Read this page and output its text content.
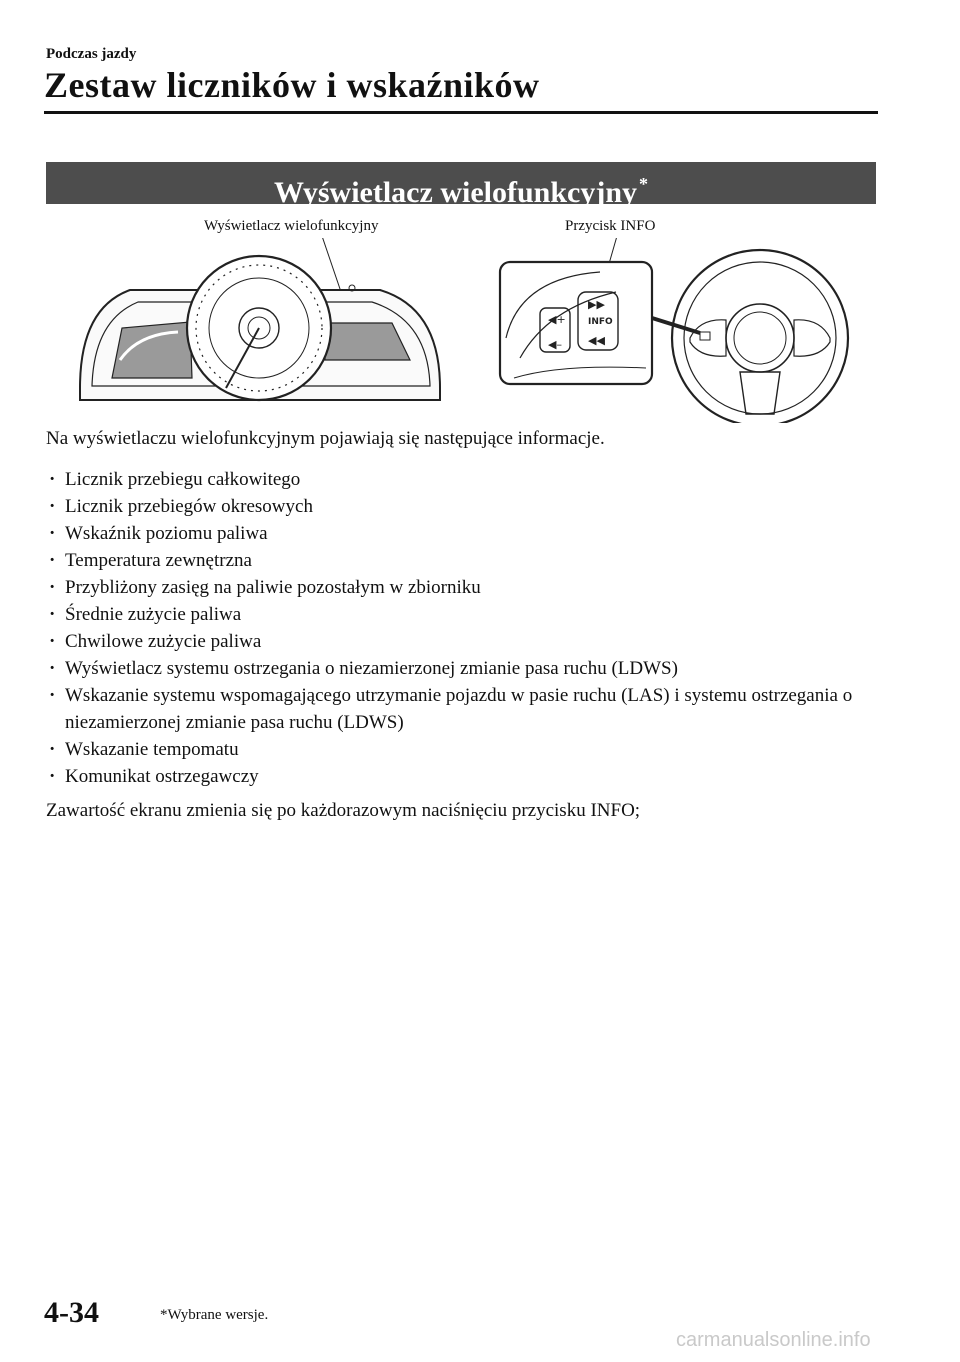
Podczas jazdy
Zestaw liczników i wskaźników
Wyświetlacz wielofunkcyjny *
Wyświetlacz wielofunkcyjny	Przycisk INFO
◀+
◀–
▶▶
◀◀
INFO
Na wyświetlaczu wielofunkcyjnym pojawiają się następujące informacje.
· Licznik przebiegu całkowitego
· Licznik przebiegów okresowych
· Wskaźnik poziomu paliwa
· Temperatura zewnętrzna
· Przybliżony zasięg na paliwie pozostałym w zbiorniku
· Średnie zużycie paliwa
· Chwilowe zużycie paliwa
· Wyświetlacz systemu ostrzegania o niezamierzonej zmianie pasa ruchu (LDWS)
· Wskazanie systemu wspomagającego utrzymanie pojazdu w pasie ruchu (LAS) i systemu ostrzegania o niezamierzonej zmianie pasa ruchu (LDWS)
· Wskazanie tempomatu
· Komunikat ostrzegawczy
Zawartość ekranu zmienia się po każdorazowym naciśnięciu przycisku INFO;
4-34	*Wybrane wersje.
carmanualsonline.info
